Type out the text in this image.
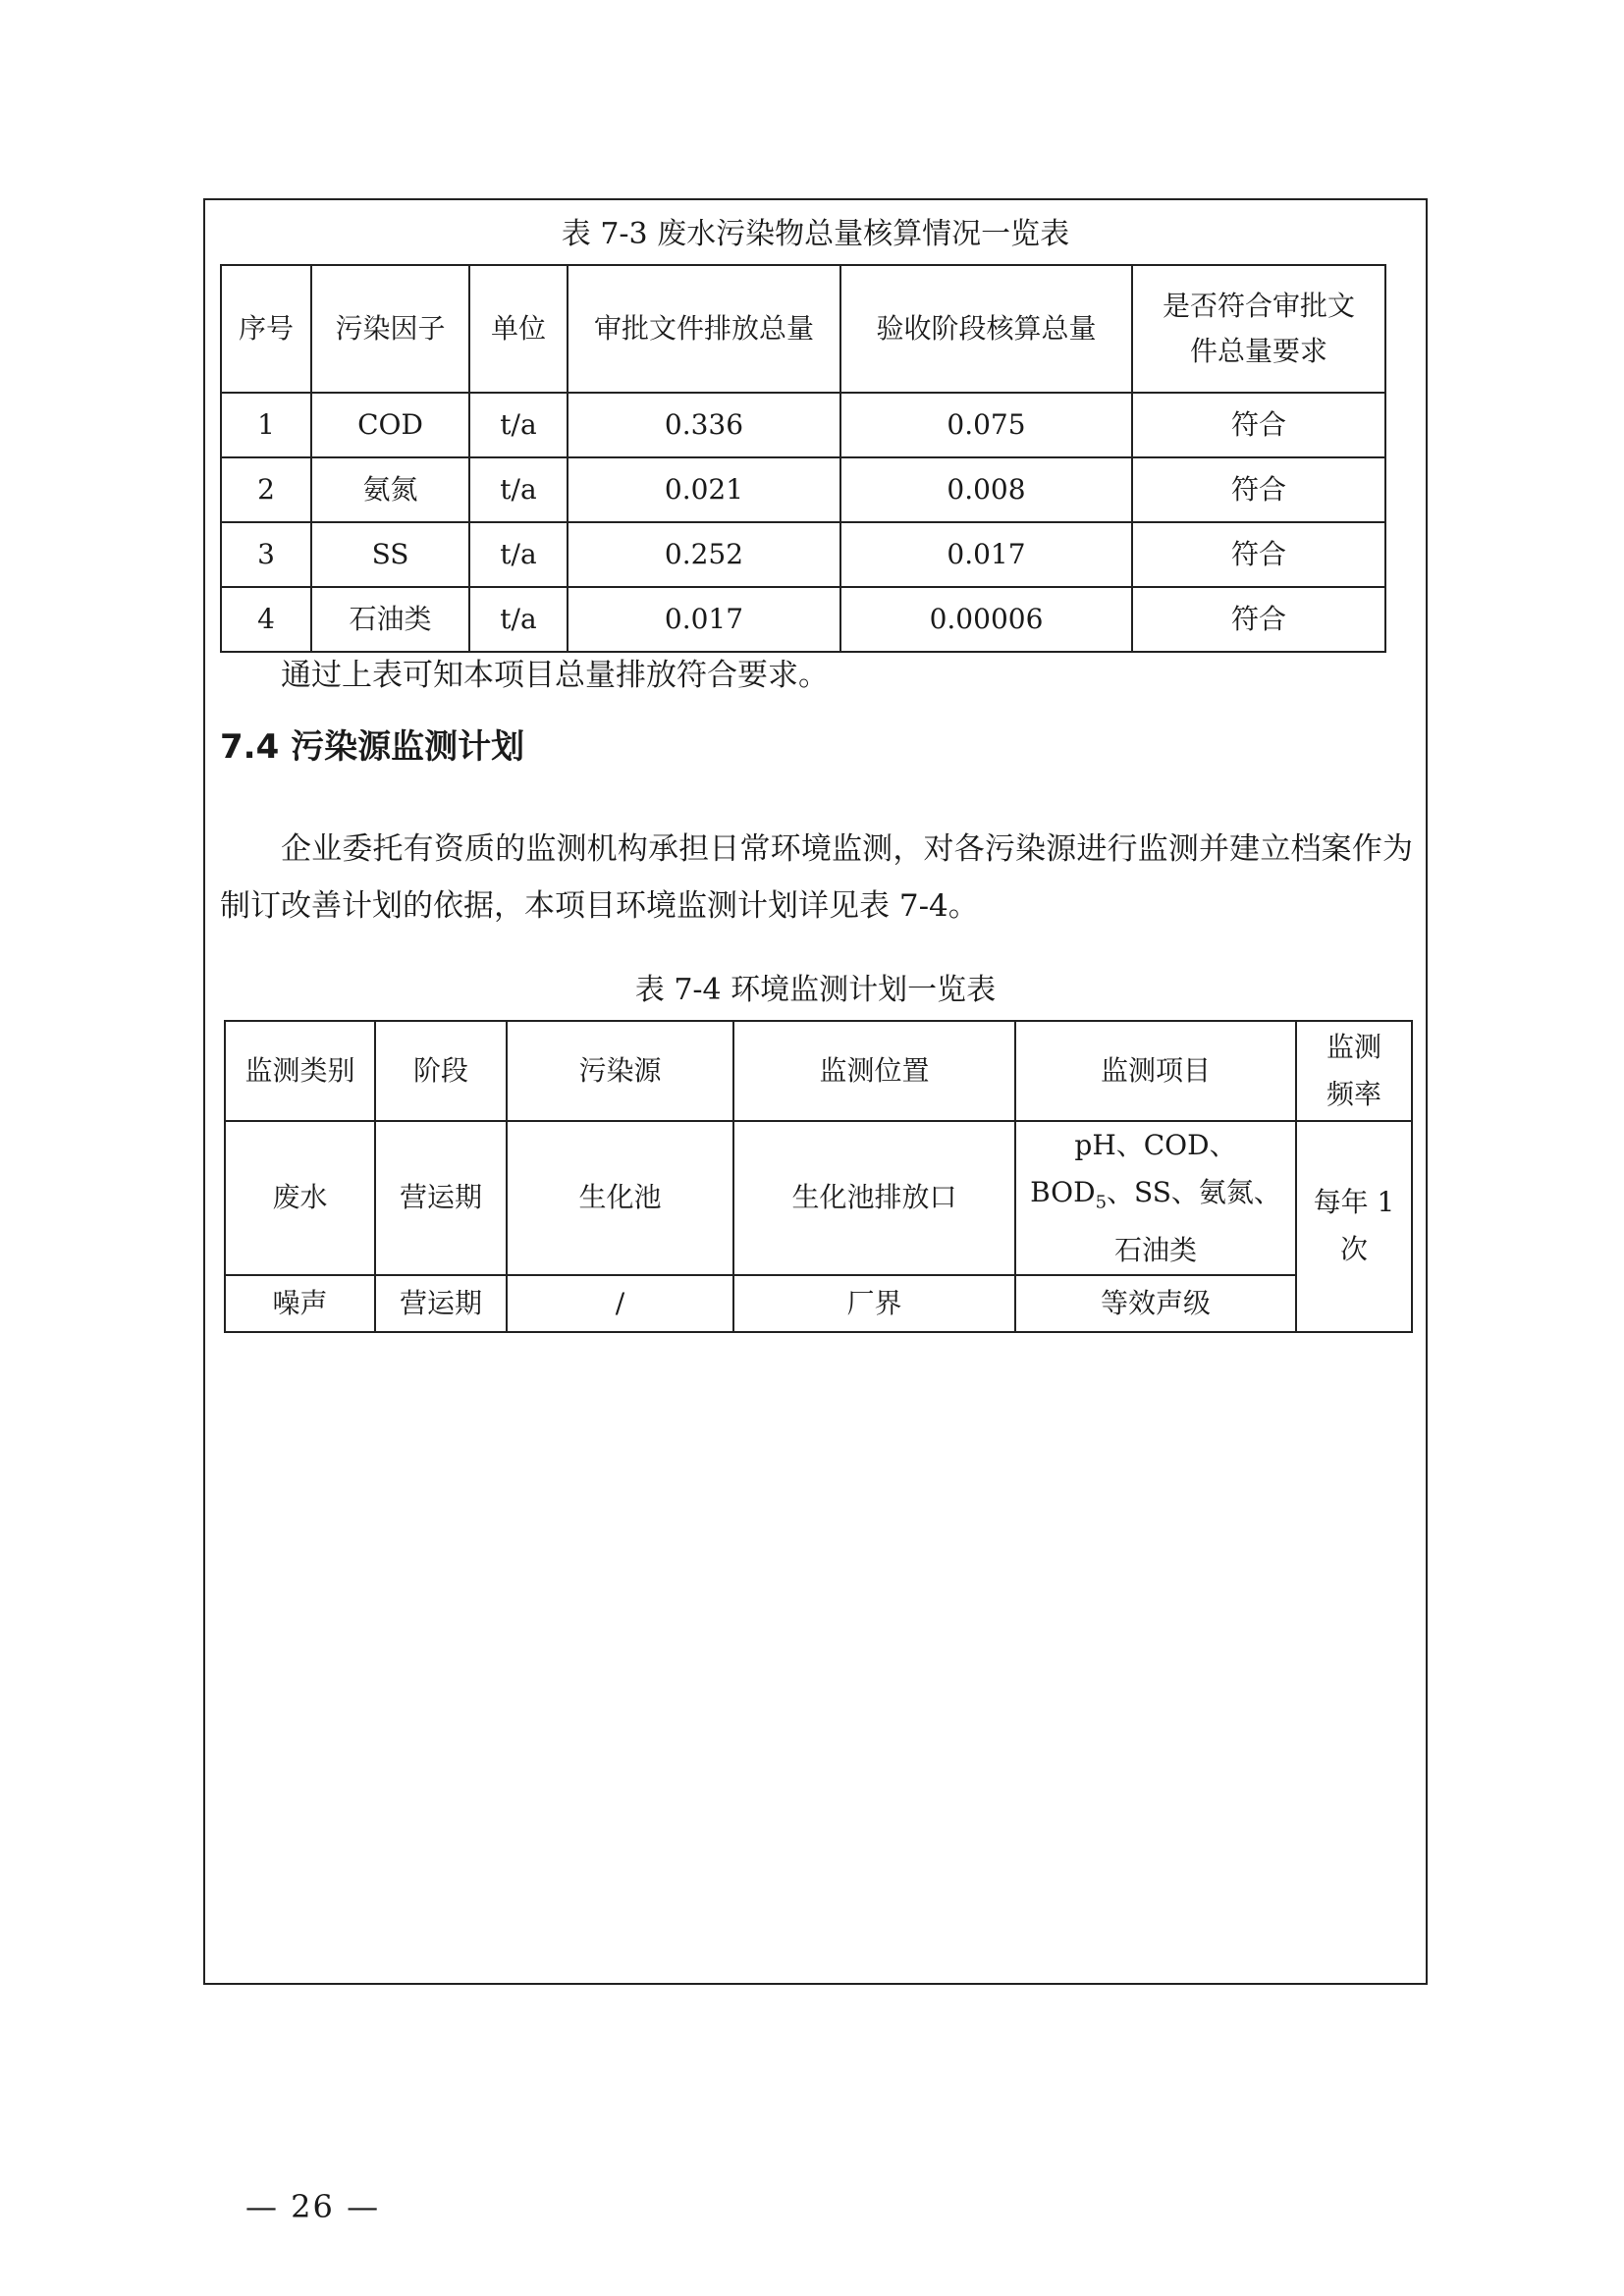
表 7-3 废水污染物总量核算情况一览表
序号	污染因子	单位	审批文件排放总量	验收阶段核算总量	是否符合审批文件总量要求
1	COD	t/a	0.336	0.075	符合
2	氨氮	t/a	0.021	0.008	符合
3	SS	t/a	0.252	0.017	符合
4	石油类	t/a	0.017	0.00006	符合
通过上表可知本项目总量排放符合要求。
7.4 污染源监测计划
企业委托有资质的监测机构承担日常环境监测，对各污染源进行监测并建立档案作为制订改善计划的依据，本项目环境监测计划详见表 7-4。
表 7-4 环境监测计划一览表
监测类别	阶段	污染源	监测位置	监测项目	监测频率
废水	营运期	生化池	生化池排放口	pH、COD、
$BOD_5$、SS、氨氮、
石油类	每年 1 次
噪声	营运期	/	厂界	等效声级	
— 26 —
